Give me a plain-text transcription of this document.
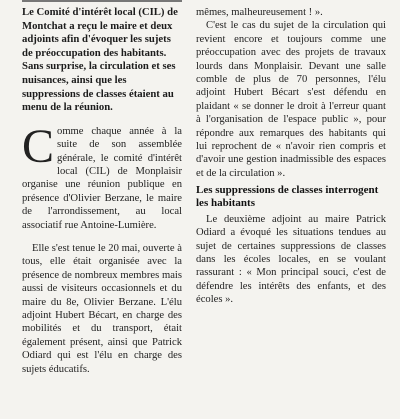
Le Comité d'intérêt local (CIL) de Montchat a reçu le maire et deux adjoints afin d'évoquer les sujets de préoccupation des habitants. Sans surprise, la circulation et ses nuisances, ainsi que les suppressions de classes étaient au menu de la réunion.

Comme chaque année à la suite de son assemblée générale, le comité d'intérêt local (CIL) de Monplaisir organise une réunion publique en présence d'Olivier Berzane, le maire de l'arrondissement, au local associatif rue Antoine-Lumière.

Elle s'est tenue le 20 mai, ouverte à tous, elle était organisée avec la présence de nombreux membres mais aussi de visiteurs occasionnels et du maire du 8e, Olivier Berzane. L'élu adjoint Hubert Bécart, en charge des mobilités et du transport, était également présent, ainsi que Patrick Odiard qui est l'élu en charge des sujets éducatifs.

mêmes, malheureusement ! ».

C'est le cas du sujet de la circulation qui revient encore et toujours comme une préoccupation avec des projets de travaux lourds dans Monplaisir. Devant une salle comble de plus de 70 personnes, l'élu adjoint Hubert Bécart s'est défendu en plaidant « se donner le droit à l'erreur quant à l'organisation de l'espace public », pour répondre aux remarques des habitants qui lui reprochent de « n'avoir rien compris et d'avoir une gestion inadmissible des espaces et de la circulation ».

Les suppressions de classes interrogent les habitants

Le deuxième adjoint au maire Patrick Odiard a évoqué les situations tendues au sujet de certaines suppressions de classes dans les écoles locales, en se voulant rassurant : « Mon principal souci, c'est de défendre les intérêts des enfants, et des écoles ».
